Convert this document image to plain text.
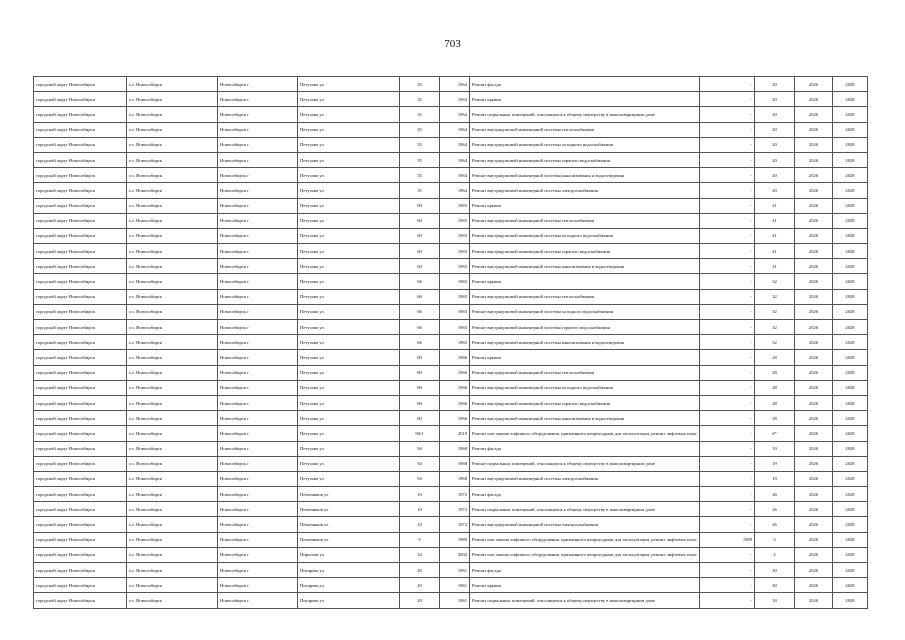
703
городской округ Новосибирск	г.о. Новосибирск	Новосибирск г	Петухова ул	35	1964	Ремонт фасада	-	20	2026	2028
городской округ Новосибирск	г.о. Новосибирск	Новосибирск г	Петухова ул	35	1964	Ремонт крыши	-	20	2026	2028
городской округ Новосибирск	г.о. Новосибирск	Новосибирск г	Петухова ул	35	1964	Ремонт подвальных помещений, относящихся к общему имуществу в многоквартирном доме	-	20	2026	2028
городской округ Новосибирск	г.о. Новосибирск	Новосибирск г	Петухова ул	35	1964	Ремонт внутридомовой инженерной системы теплоснабжения	-	20	2026	2028
городской округ Новосибирск	г.о. Новосибирск	Новосибирск г	Петухова ул	35	1964	Ремонт внутридомовой инженерной системы холодного водоснабжения	-	20	2026	2028
городской округ Новосибирск	г.о. Новосибирск	Новосибирск г	Петухова ул	35	1964	Ремонт внутридомовой инженерной системы горячего водоснабжения	-	20	2026	2028
городской округ Новосибирск	г.о. Новосибирск	Новосибирск г	Петухова ул	35	1964	Ремонт внутридомовой инженерной системы канализования и водоотведения	-	20	2026	2028
городской округ Новосибирск	г.о. Новосибирск	Новосибирск г	Петухова ул	35	1964	Ремонт внутридомовой инженерной системы электроснабжения	-	20	2026	2028
городской округ Новосибирск	г.о. Новосибирск	Новосибирск г	Петухова ул	60	1965	Ремонт крыши	-	41	2026	2028
городской округ Новосибирск	г.о. Новосибирск	Новосибирск г	Петухова ул	60	1965	Ремонт внутридомовой инженерной системы теплоснабжения	-	41	2026	2028
городской округ Новосибирск	г.о. Новосибирск	Новосибирск г	Петухова ул	60	1965	Ремонт внутридомовой инженерной системы холодного водоснабжения	-	41	2026	2028
городской округ Новосибирск	г.о. Новосибирск	Новосибирск г	Петухова ул	60	1965	Ремонт внутридомовой инженерной системы горячего водоснабжения	-	41	2026	2028
городской округ Новосибирск	г.о. Новосибирск	Новосибирск г	Петухова ул	60	1965	Ремонт внутридомовой инженерной системы канализования и водоотведения	-	41	2026	2028
городской округ Новосибирск	г.о. Новосибирск	Новосибирск г	Петухова ул	66	1965	Ремонт крыши	-	32	2026	2028
городской округ Новосибирск	г.о. Новосибирск	Новосибирск г	Петухова ул	66	1965	Ремонт внутридомовой инженерной системы теплоснабжения	-	32	2026	2028
городской округ Новосибирск	г.о. Новосибирск	Новосибирск г	Петухова ул	66	1965	Ремонт внутридомовой инженерной системы холодного водоснабжения	-	32	2026	2028
городской округ Новосибирск	г.о. Новосибирск	Новосибирск г	Петухова ул	66	1965	Ремонт внутридомовой инженерной системы горячего водоснабжения	-	32	2026	2028
городской округ Новосибирск	г.о. Новосибирск	Новосибирск г	Петухова ул	66	1965	Ремонт внутридомовой инженерной системы канализования и водоотведения	-	32	2026	2028
городской округ Новосибирск	г.о. Новосибирск	Новосибирск г	Петухова ул	80	1966	Ремонт крыши	-	28	2026	2028
городской округ Новосибирск	г.о. Новосибирск	Новосибирск г	Петухова ул	80	1966	Ремонт внутридомовой инженерной системы теплоснабжения	-	28	2026	2028
городской округ Новосибирск	г.о. Новосибирск	Новосибирск г	Петухова ул	80	1966	Ремонт внутридомовой инженерной системы холодного водоснабжения	-	28	2026	2028
городской округ Новосибирск	г.о. Новосибирск	Новосибирск г	Петухова ул	80	1966	Ремонт внутридомовой инженерной системы горячего водоснабжения	-	28	2026	2028
городской округ Новосибирск	г.о. Новосибирск	Новосибирск г	Петухова ул	80	1966	Ремонт внутридомовой инженерной системы канализования и водоотведения	-	28	2026	2028
городской округ Новосибирск	г.о. Новосибирск	Новосибирск г	Петухова ул	90/1	2019	Ремонт или замена лифтового оборудования, признанного непригодным для эксплуатации, ремонт лифтовых шахт	-	6*	2026	2028
городской округ Новосибирск	г.о. Новосибирск	Новосибирск г	Петухова ул	94	1968	Ремонт фасада	-	19	2026	2028
городской округ Новосибирск	г.о. Новосибирск	Новосибирск г	Петухова ул	94	1968	Ремонт подвальных помещений, относящихся к общему имуществу в многоквартирном доме	-	19	2026	2028
городской округ Новосибирск	г.о. Новосибирск	Новосибирск г	Петухова ул	94	1968	Ремонт внутридомовой инженерной системы электроснабжения	-	19	2026	2028
городской округ Новосибирск	г.о. Новосибирск	Новосибирск г	Печатников ул	10	1972	Ремонт фасада	-	26	2026	2028
городской округ Новосибирск	г.о. Новосибирск	Новосибирск г	Печатников ул	10	1972	Ремонт подвальных помещений, относящихся к общему имуществу в многоквартирном доме	-	26	2026	2028
городской округ Новосибирск	г.о. Новосибирск	Новосибирск г	Печатников ул	10	1972	Ремонт внутридомовой инженерной системы электроснабжения	-	26	2026	2028
городской округ Новосибирск	г.о. Новосибирск	Новосибирск г	Печатников ул	9	1989	Ремонт или замена лифтового оборудования, признанного непригодным для эксплуатации, ремонт лифтовых шахт	1989	5	2026	2028
городской округ Новосибирск	г.о. Новосибирск	Новосибирск г	Пирогова ул	34	2002	Ремонт или замена лифтового оборудования, признанного непригодным для эксплуатации, ремонт лифтовых шахт	-	2	2026	2028
городской округ Новосибирск	г.о. Новосибирск	Новосибирск г	Писарева ул	20	1961	Ремонт фасада	-	30	2026	2028
городской округ Новосибирск	г.о. Новосибирск	Новосибирск г	Писарева ул	20	1961	Ремонт крыши	-	30	2026	2028
городской округ Новосибирск	г.о. Новосибирск	Новосибирск г	Писарева ул	20	1961	Ремонт подвальных помещений, относящихся к общему имуществу в многоквартирном доме	-	18	2026	2028
